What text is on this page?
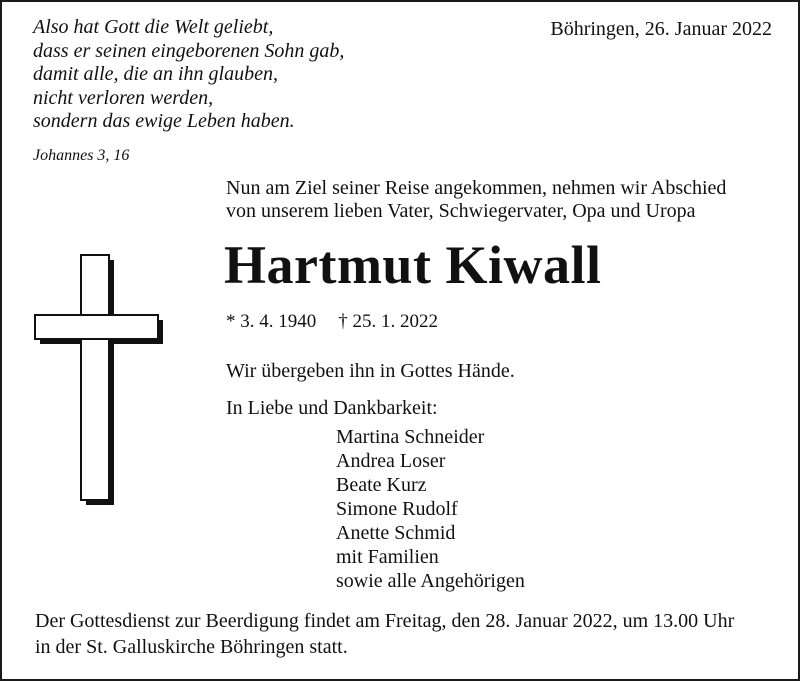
Also hat Gott die Welt geliebt,
dass er seinen eingeborenen Sohn gab,
damit alle, die an ihn glauben,
nicht verloren werden,
sondern das ewige Leben haben.
Johannes 3, 16
Böhringen, 26. Januar 2022
Nun am Ziel seiner Reise angekommen, nehmen wir Abschied
von unserem lieben Vater, Schwiegervater, Opa und Uropa
Hartmut Kiwall
* 3. 4. 1940 † 25. 1. 2022
Wir übergeben ihn in Gottes Hände.
In Liebe und Dankbarkeit:
Martina Schneider
Andrea Loser
Beate Kurz
Simone Rudolf
Anette Schmid
mit Familien
sowie alle Angehörigen
Der Gottesdienst zur Beerdigung findet am Freitag, den 28. Januar 2022, um 13.00 Uhr
in der St. Galluskirche Böhringen statt.
